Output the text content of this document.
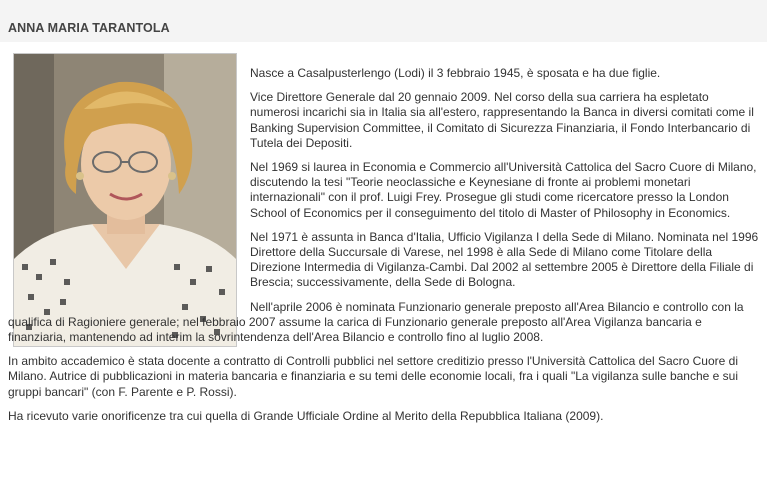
ANNA MARIA TARANTOLA

Nasce a Casalpusterlengo (Lodi) il 3 febbraio 1945, è sposata e ha due figlie.

Vice Direttore Generale dal 20 gennaio 2009. Nel corso della sua carriera ha espletato numerosi incarichi sia in Italia sia all'estero, rappresentando la Banca in diversi comitati come il Banking Supervision Committee, il Comitato di Sicurezza Finanziaria, il Fondo Interbancario di Tutela dei Depositi.

Nel 1969 si laurea in Economia e Commercio all'Università Cattolica del Sacro Cuore di Milano, discutendo la tesi "Teorie neoclassiche e Keynesiane di fronte ai problemi monetari internazionali" con il prof. Luigi Frey. Prosegue gli studi come ricercatore presso la London School of Economics per il conseguimento del titolo di Master of Philosophy in Economics.

Nel 1971 è assunta in Banca d'Italia, Ufficio Vigilanza I della Sede di Milano. Nominata nel 1996 Direttore della Succursale di Varese, nel 1998 è alla Sede di Milano come Titolare della Direzione Intermedia di Vigilanza-Cambi. Dal 2002 al settembre 2005 è Direttore della Filiale di Brescia; successivamente, della Sede di Bologna.

Nell'aprile 2006 è nominata Funzionario generale preposto all'Area Bilancio e controllo con la qualifica di Ragioniere generale; nel febbraio 2007 assume la carica di Funzionario generale preposto all'Area Vigilanza bancaria e finanziaria, mantenendo ad interim la sovrintendenza dell'Area Bilancio e controllo fino al luglio 2008.

In ambito accademico è stata docente a contratto di Controlli pubblici nel settore creditizio presso l'Università Cattolica del Sacro Cuore di Milano. Autrice di pubblicazioni in materia bancaria e finanziaria e su temi delle economie locali, fra i quali "La vigilanza sulle banche e sui gruppi bancari" (con F. Parente e P. Rossi).

Ha ricevuto varie onorificenze tra cui quella di Grande Ufficiale Ordine al Merito della Repubblica Italiana (2009).
